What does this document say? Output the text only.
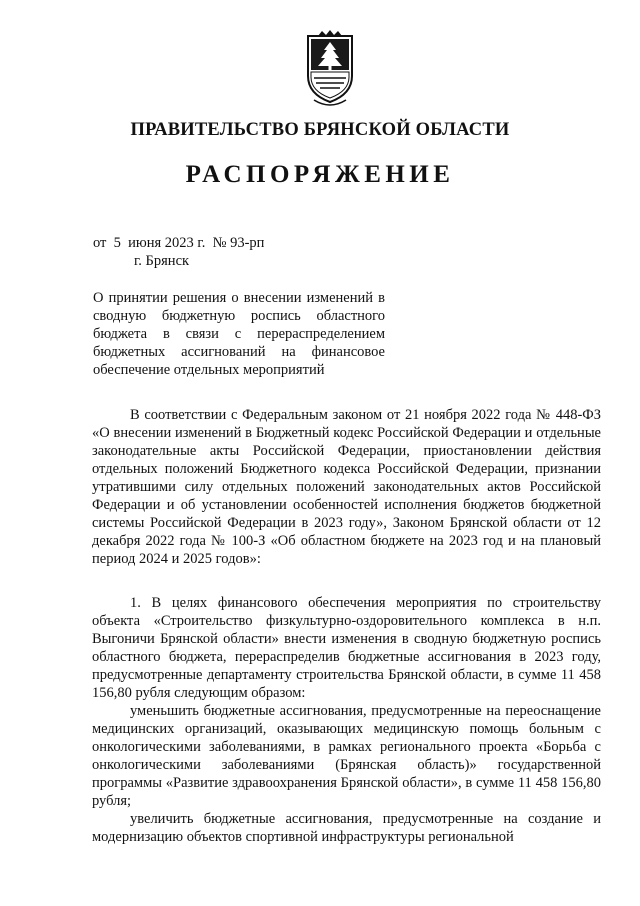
ПРАВИТЕЛЬСТВО БРЯНСКОЙ ОБЛАСТИ
РАСПОРЯЖЕНИЕ
от  5  июня 2023 г.  № 93-рп
г. Брянск
О принятии решения о внесении изменений в сводную бюджетную роспись областного бюджета в связи с перераспределением бюджетных ассигнований на финансовое обеспечение отдельных мероприятий

В соответствии с Федеральным законом от 21 ноября 2022 года № 448-ФЗ «О внесении изменений в Бюджетный кодекс Российской Федерации и отдельные законодательные акты Российской Федерации, приостановлении действия отдельных положений Бюджетного кодекса Российской Федерации, признании утратившими силу отдельных положений законодательных актов Российской Федерации и об установлении особенностей исполнения бюджетов бюджетной системы Российской Федерации в 2023 году», Законом Брянской области от 12 декабря 2022 года № 100-З «Об областном бюджете на 2023 год и на плановый период 2024 и 2025 годов»:

1. В целях финансового обеспечения мероприятия по строительству объекта «Строительство физкультурно-оздоровительного комплекса в н.п. Выгоничи Брянской области» внести изменения в сводную бюджетную роспись областного бюджета, перераспределив бюджетные ассигнования в 2023 году, предусмотренные департаменту строительства Брянской области, в сумме 11 458 156,80 рубля следующим образом:

уменьшить бюджетные ассигнования, предусмотренные на переоснащение медицинских организаций, оказывающих медицинскую помощь больным с онкологическими заболеваниями, в рамках регионального проекта «Борьба с онкологическими заболеваниями (Брянская область)» государственной программы «Развитие здравоохранения Брянской области», в сумме 11 458 156,80 рубля;

увеличить бюджетные ассигнования, предусмотренные на создание и модернизацию объектов спортивной инфраструктуры региональной
